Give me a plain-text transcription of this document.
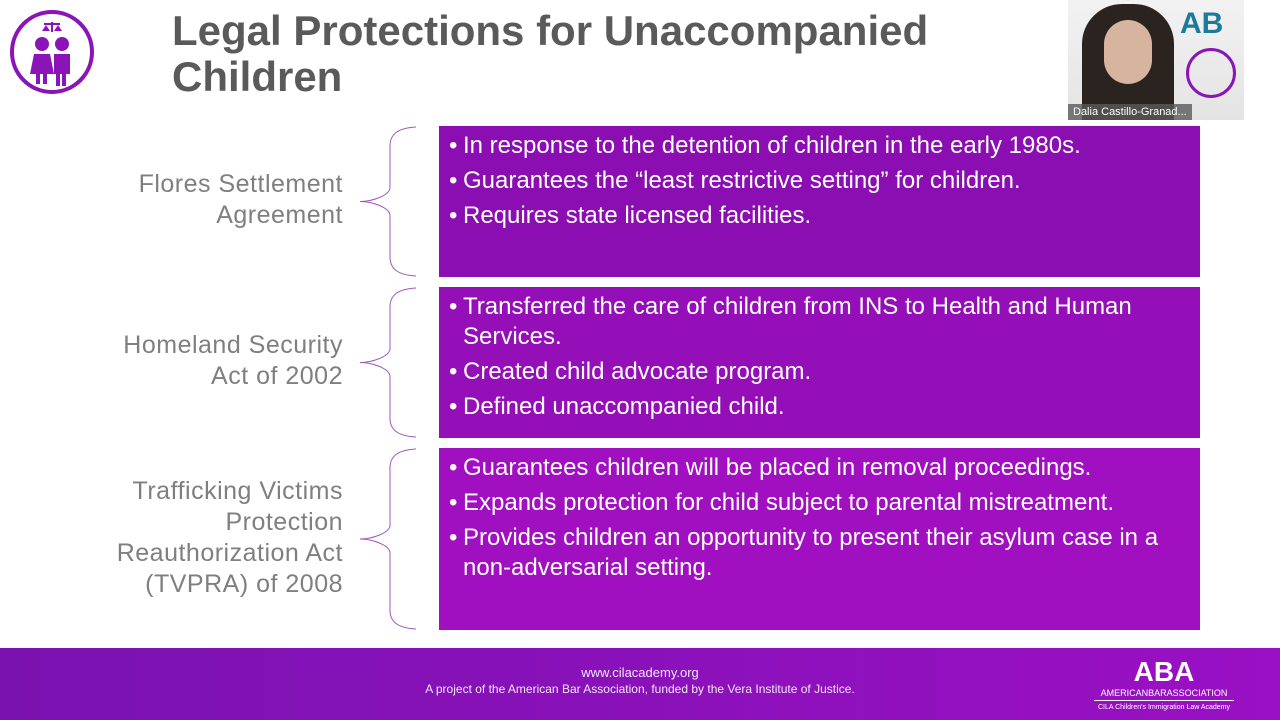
Legal Protections for Unaccompanied Children
AB
Dalia Castillo-Granad...
Flores Settlement
Agreement
• In response to the detention of children in the early 1980s.
• Guarantees the “least restrictive setting” for children.
• Requires state licensed facilities.
Homeland Security
Act of 2002
• Transferred the care of children from INS to Health and Human Services.
• Created child advocate program.
• Defined unaccompanied child.
Trafficking Victims
Protection
Reauthorization Act
(TVPRA) of 2008
• Guarantees children will be placed in removal proceedings.
• Expands protection for child subject to parental mistreatment.
• Provides children an opportunity to present their asylum case in a non-adversarial setting.
www.cilacademy.org
A project of the American Bar Association, funded by the Vera Institute of Justice.
ABA
AMERICANBARASSOCIATION
CILA Children's Immigration Law Academy
